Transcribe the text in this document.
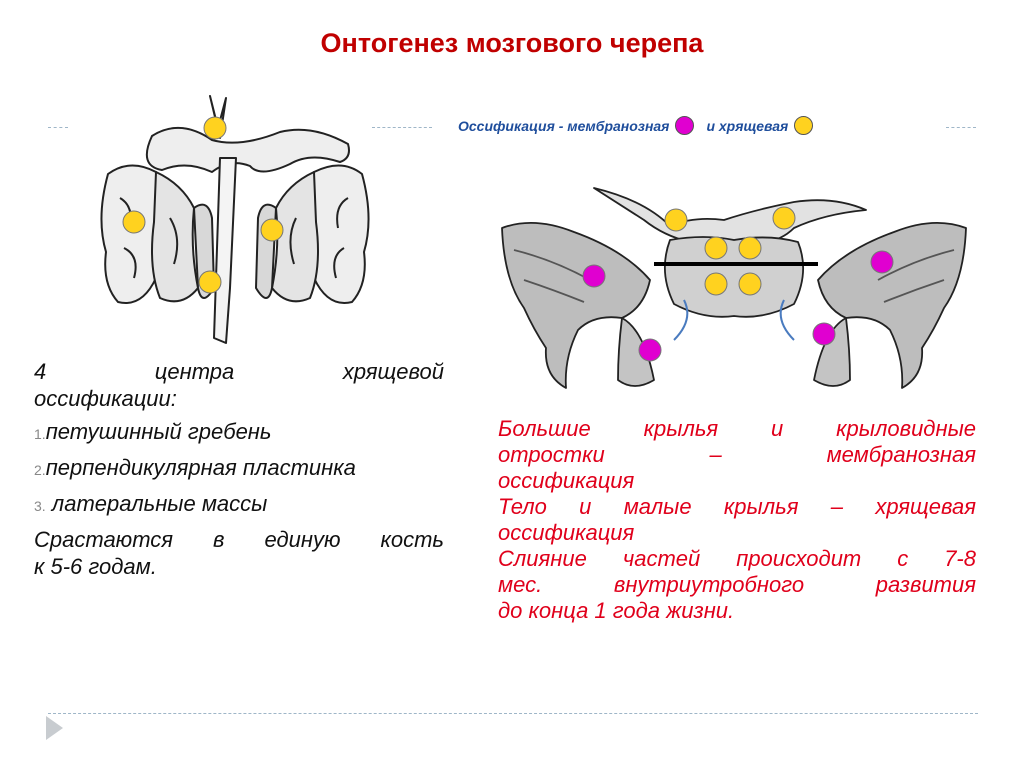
Онтогенез мозгового черепа
Оссификация - мембранозная	и хрящевая

4 центра хрящевой

оссификации:

1.петушинный гребень

2.перпендикулярная пластинка

3. латеральные массы

Срастаются в единую кость

к 5-6 годам.

Большие крылья и крыловидные
отростки – мембранозная
оссификация

Тело и малые крылья – хрящевая
оссификация

Слияние частей происходит с 7-8
мес. внутриутробного развития
до конца 1 года жизни.
